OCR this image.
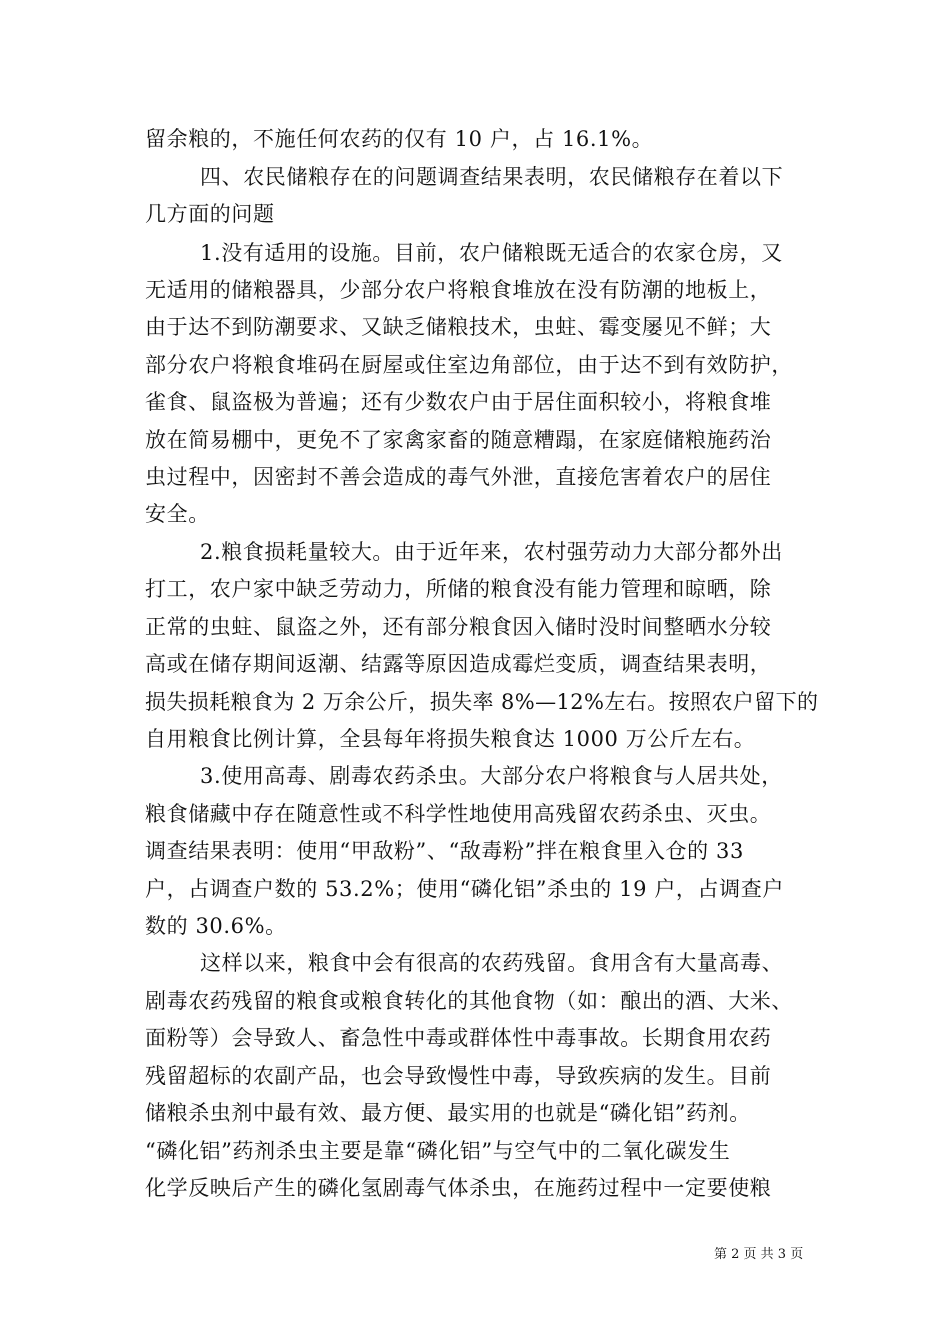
留余粮的，不施任何农药的仅有 10 户，占 16.1%。
四、农民储粮存在的问题调查结果表明，农民储粮存在着以下
几方面的问题
1.没有适用的设施。目前，农户储粮既无适合的农家仓房，又
无适用的储粮器具，少部分农户将粮食堆放在没有防潮的地板上，
由于达不到防潮要求、又缺乏储粮技术，虫蛀、霉变屡见不鲜；大
部分农户将粮食堆码在厨屋或住室边角部位，由于达不到有效防护，
雀食、鼠盗极为普遍；还有少数农户由于居住面积较小，将粮食堆
放在简易棚中，更免不了家禽家畜的随意糟蹋，在家庭储粮施药治
虫过程中，因密封不善会造成的毒气外泄，直接危害着农户的居住
安全。
2.粮食损耗量较大。由于近年来，农村强劳动力大部分都外出
打工，农户家中缺乏劳动力，所储的粮食没有能力管理和晾晒，除
正常的虫蛀、鼠盗之外，还有部分粮食因入储时没时间整晒水分较
高或在储存期间返潮、结露等原因造成霉烂变质，调查结果表明，
损失损耗粮食为 2 万余公斤，损失率 8%—12%左右。按照农户留下的
自用粮食比例计算，全县每年将损失粮食达 1000 万公斤左右。
3.使用高毒、剧毒农药杀虫。大部分农户将粮食与人居共处，
粮食储藏中存在随意性或不科学性地使用高残留农药杀虫、灭虫。
调查结果表明：使用“甲敌粉”、“敌毒粉”拌在粮食里入仓的 33
户，占调查户数的 53.2%；使用“磷化铝”杀虫的 19 户，占调查户
数的 30.6%。
这样以来，粮食中会有很高的农药残留。食用含有大量高毒、
剧毒农药残留的粮食或粮食转化的其他食物（如：酿出的酒、大米、
面粉等）会导致人、畜急性中毒或群体性中毒事故。长期食用农药
残留超标的农副产品，也会导致慢性中毒，导致疾病的发生。目前
储粮杀虫剂中最有效、最方便、最实用的也就是“磷化铝”药剂。
“磷化铝”药剂杀虫主要是靠“磷化铝”与空气中的二氧化碳发生
化学反映后产生的磷化氢剧毒气体杀虫，在施药过程中一定要使粮
第 2 页 共 3 页
